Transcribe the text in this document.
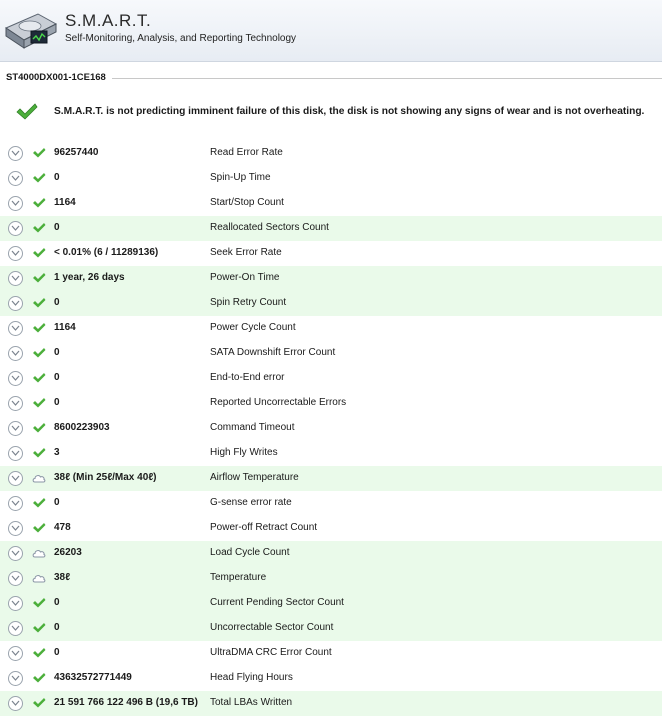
S.M.A.R.T.
Self-Monitoring, Analysis, and Reporting Technology
ST4000DX001-1CE168
S.M.A.R.T. is not predicting imminent failure of this disk, the disk is not showing any signs of wear and is not overheating.
96257440	Read Error Rate
0	Spin-Up Time
1164	Start/Stop Count
0	Reallocated Sectors Count
< 0.01% (6 / 11289136)	Seek Error Rate
1 year, 26 days	Power-On Time
0	Spin Retry Count
1164	Power Cycle Count
0	SATA Downshift Error Count
0	End-to-End error
0	Reported Uncorrectable Errors
8600223903	Command Timeout
3	High Fly Writes
38ℓ (Min 25ℓ/Max 40ℓ)	Airflow Temperature
0	G-sense error rate
478	Power-off Retract Count
26203	Load Cycle Count
38ℓ	Temperature
0	Current Pending Sector Count
0	Uncorrectable Sector Count
0	UltraDMA CRC Error Count
43632572771449	Head Flying Hours
21 591 766 122 496 B (19,6 TB) Total LBAs Written
